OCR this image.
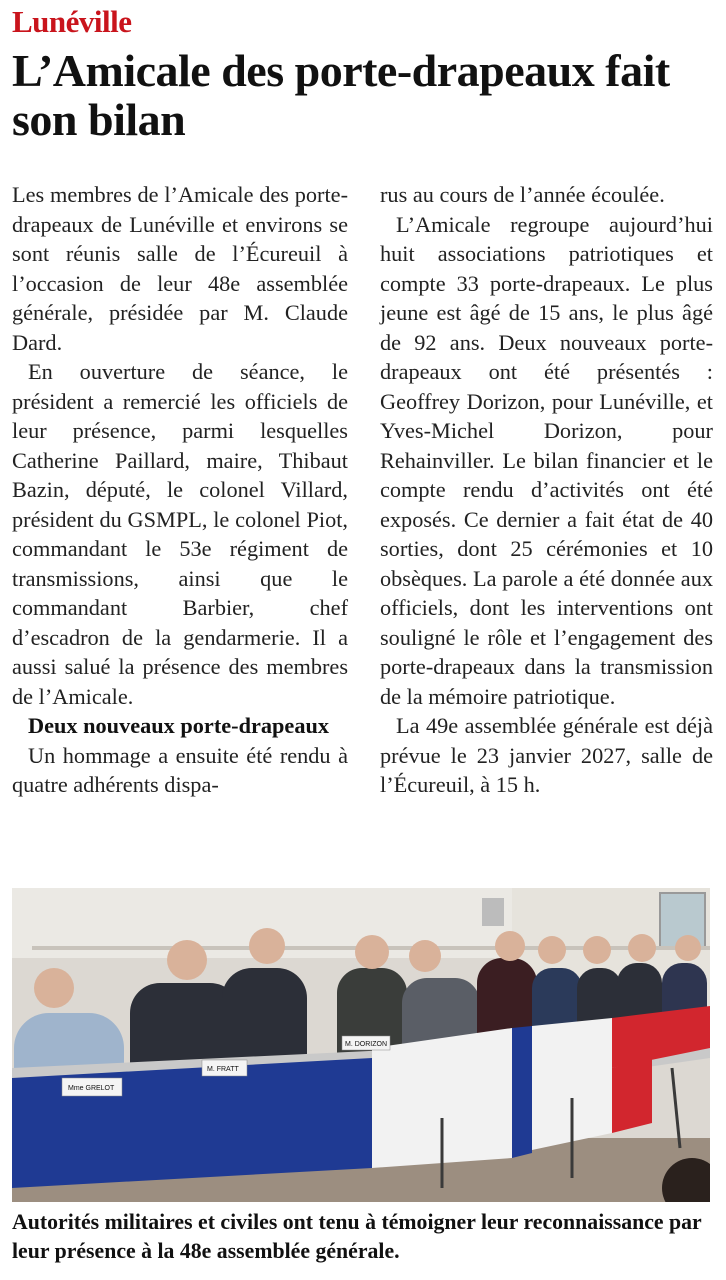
Lunéville
L’Amicale des porte-drapeaux fait son bilan

Les membres de l’Amicale des porte-drapeaux de Lunéville et environs se sont réunis salle de l’Écureuil à l’occasion de leur 48e assemblée générale, présidée par M. Claude Dard.

En ouverture de séance, le président a remercié les officiels de leur présence, parmi lesquelles Catherine Paillard, maire, Thibaut Bazin, député, le colonel Villard, président du GSMPL, le colonel Piot, commandant le 53e régiment de transmissions, ainsi que le commandant Barbier, chef d’escadron de la gendarmerie. Il a aussi salué la présence des membres de l’Amicale.

Deux nouveaux porte-drapeaux

Un hommage a ensuite été rendu à quatre adhérents dispa-

rus au cours de l’année écoulée.

L’Amicale regroupe aujourd’hui huit associations patriotiques et compte 33 porte-drapeaux. Le plus jeune est âgé de 15 ans, le plus âgé de 92 ans. Deux nouveaux porte-drapeaux ont été présentés : Geoffrey Dorizon, pour Lunéville, et Yves-Michel Dorizon, pour Rehainviller. Le bilan financier et le compte rendu d’activités ont été exposés. Ce dernier a fait état de 40 sorties, dont 25 cérémonies et 10 obsèques. La parole a été donnée aux officiels, dont les interventions ont souligné le rôle et l’engagement des porte-drapeaux dans la transmission de la mémoire patriotique.

La 49e assemblée générale est déjà prévue le 23 janvier 2027, salle de l’Écureuil, à 15 h.

Mme GRELOT
M. FRATT
M. DORIZON

Autorités militaires et civiles ont tenu à témoigner leur reconnaissance par leur présence à la 48e assemblée générale.
